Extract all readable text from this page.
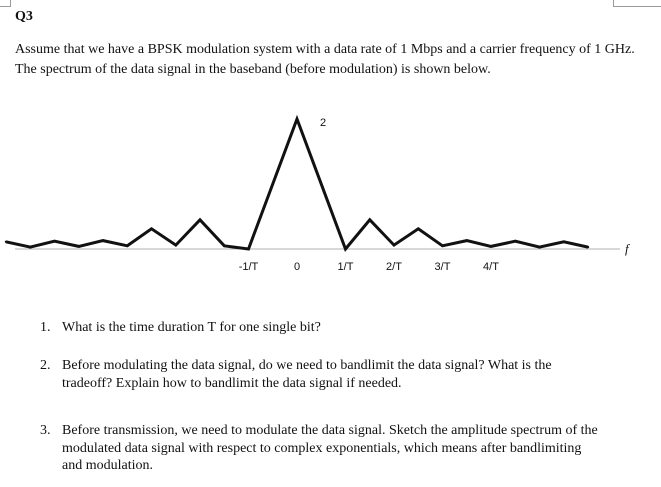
Q3
Assume that we have a BPSK modulation system with a data rate of 1 Mbps and a carrier frequency of 1 GHz. The spectrum of the data signal in the baseband (before modulation) is shown below.
-1/T	0	1/T	2/T	3/T	4/T
2
f
1. What is the time duration T for one single bit?
2. Before modulating the data signal, do we need to bandlimit the data signal? What is the tradeoff? Explain how to bandlimit the data signal if needed.
3. Before transmission, we need to modulate the data signal. Sketch the amplitude spectrum of the modulated data signal with respect to complex exponentials, which means after bandlimiting and modulation.
